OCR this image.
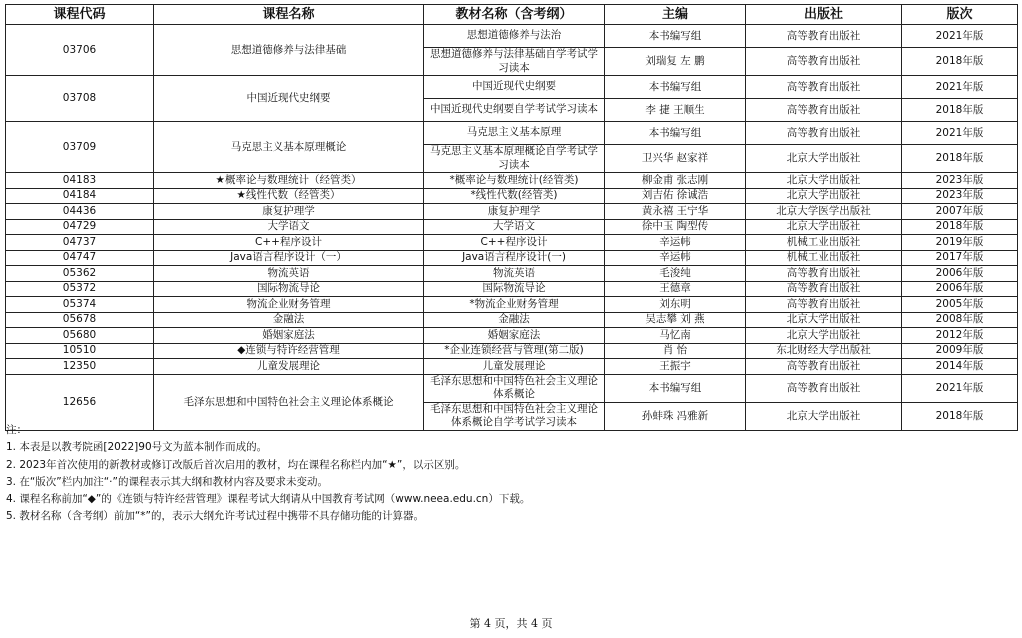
课程代码	课程名称	教材名称（含考纲）	主编	出版社	版次
03706	思想道德修养与法律基础	思想道德修养与法治	本书编写组	高等教育出版社	2021年版
		思想道德修养与法律基础自学考试学习读本	刘瑞复 左 鹏	高等教育出版社	2018年版
03708	中国近现代史纲要	中国近现代史纲要	本书编写组	高等教育出版社	2021年版
		中国近现代史纲要自学考试学习读本	李 捷 王顺生	高等教育出版社	2018年版
03709	马克思主义基本原理概论	马克思主义基本原理	本书编写组	高等教育出版社	2021年版
		马克思主义基本原理概论自学考试学习读本	卫兴华 赵家祥	北京大学出版社	2018年版
04183	★概率论与数理统计（经管类）	*概率论与数理统计(经管类)	柳金甫 张志刚	北京大学出版社	2023年版
04184	★线性代数（经管类）	*线性代数(经管类)	刘吉佑 徐诚浩	北京大学出版社	2023年版
04436	康复护理学	康复护理学	黄永禧 王宁华	北京大学医学出版社	2007年版
04729	大学语文	大学语文	徐中玉 陶型传	北京大学出版社	2018年版
04737	C++程序设计	C++程序设计	辛运帏	机械工业出版社	2019年版
04747	Java语言程序设计（一）	Java语言程序设计(一)	辛运帏	机械工业出版社	2017年版
05362	物流英语	物流英语	毛浚纯	高等教育出版社	2006年版
05372	国际物流导论	国际物流导论	王德章	高等教育出版社	2006年版
05374	物流企业财务管理	*物流企业财务管理	刘东明	高等教育出版社	2005年版
05678	金融法	金融法	吴志攀 刘 燕	北京大学出版社	2008年版
05680	婚姻家庭法	婚姻家庭法	马忆南	北京大学出版社	2012年版
10510	◆连锁与特许经营管理	*企业连锁经营与管理(第二版)	肖 怡	东北财经大学出版社	2009年版
12350	儿童发展理论	儿童发展理论	王振宇	高等教育出版社	2014年版
12656	毛泽东思想和中国特色社会主义理论体系概论	毛泽东思想和中国特色社会主义理论体系概论	本书编写组	高等教育出版社	2021年版
		毛泽东思想和中国特色社会主义理论体系概论自学考试学习读本	孙蚌珠 冯雅新	北京大学出版社	2018年版
注：
1. 本表是以教考院函[2022]90号文为蓝本制作而成的。
2. 2023年首次使用的新教材或修订改版后首次启用的教材，均在课程名称栏内加“★”，以示区别。
3. 在“版次”栏内加注“·”的课程表示其大纲和教材内容及要求未变动。
4. 课程名称前加“◆”的《连锁与特许经营管理》课程考试大纲请从中国教育考试网（www.neea.edu.cn）下载。
5. 教材名称（含考纲）前加“*”的，表示大纲允许考试过程中携带不具存储功能的计算器。
第 4 页，共 4 页
